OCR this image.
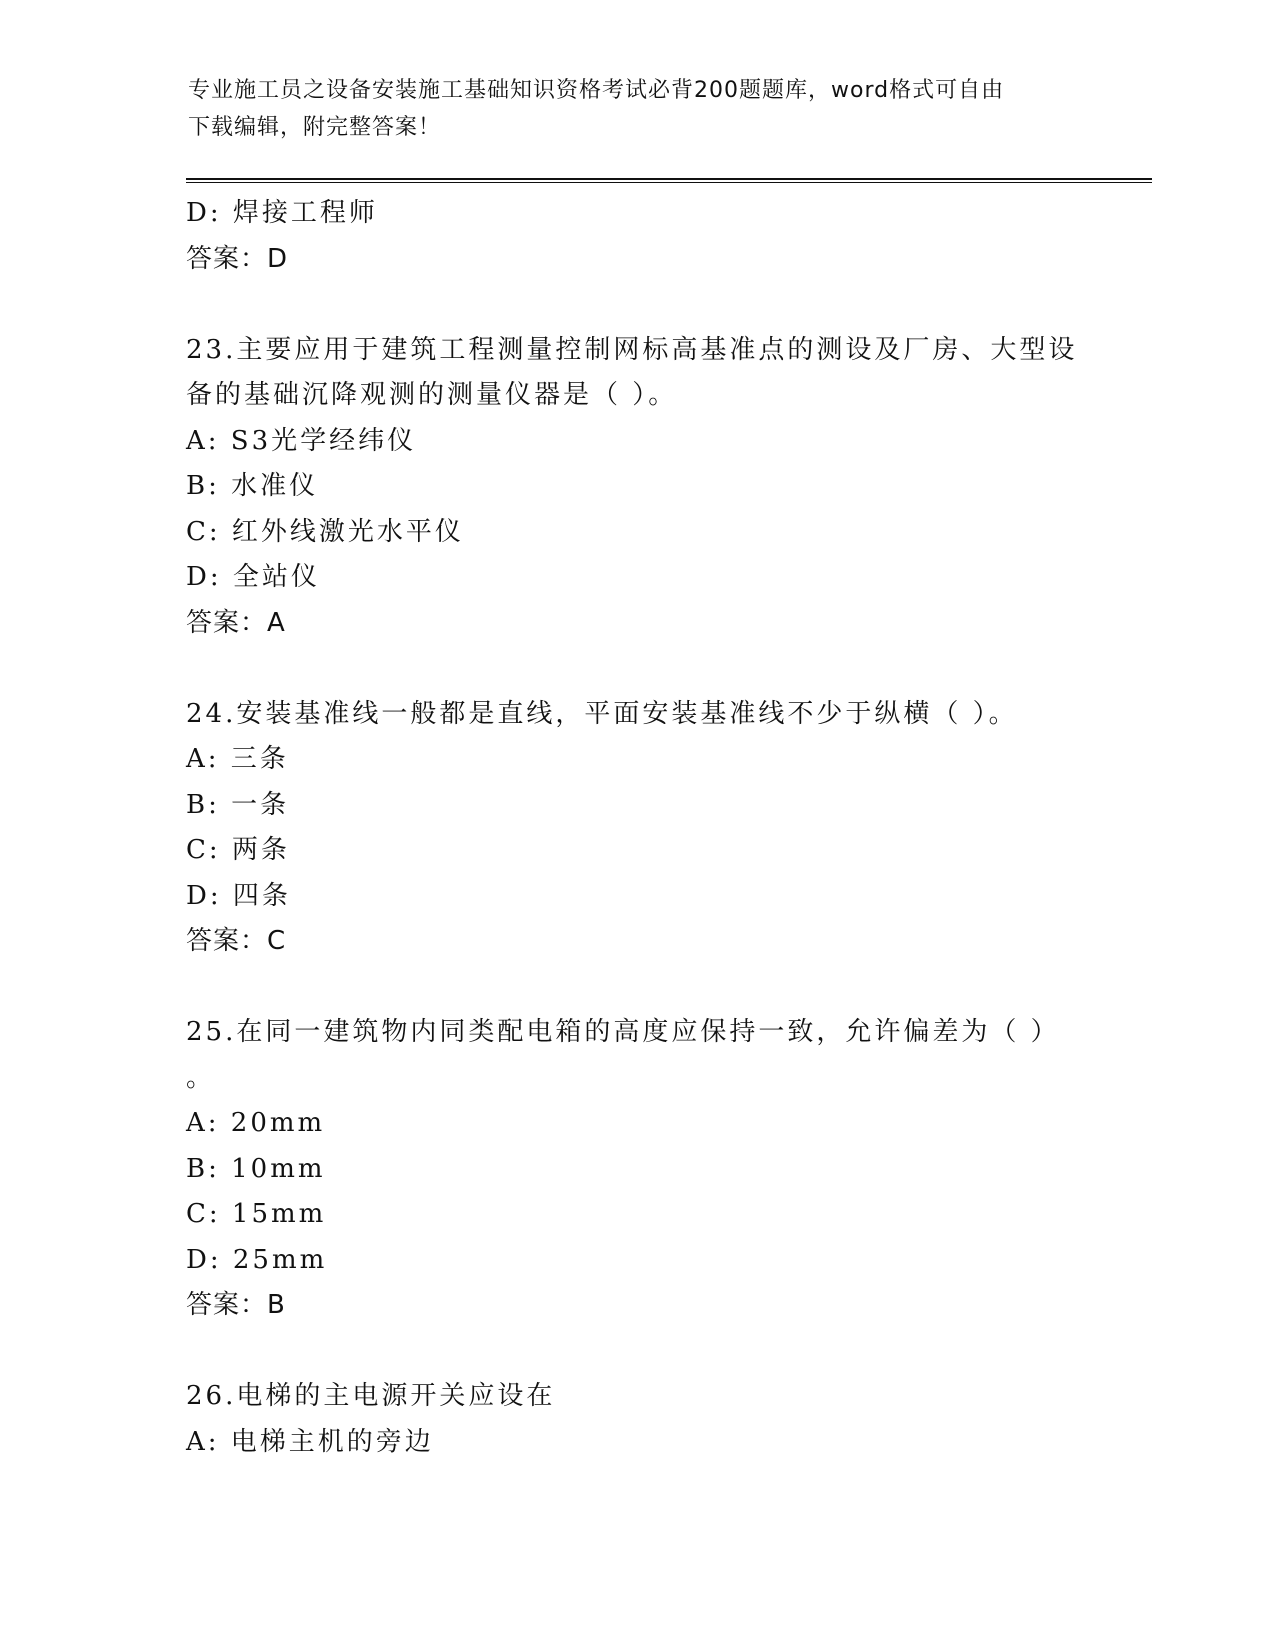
专业施工员之设备安装施工基础知识资格考试必背200题题库，word格式可自由
下载编辑，附完整答案！
D: 焊接工程师
答案：D
23.主要应用于建筑工程测量控制网标高基准点的测设及厂房、大型设
备的基础沉降观测的测量仪器是（ ）。
A: S3光学经纬仪
B: 水准仪
C: 红外线激光水平仪
D: 全站仪
答案：A
24.安装基准线一般都是直线，平面安装基准线不少于纵横（ ）。
A: 三条
B: 一条
C: 两条
D: 四条
答案：C
25.在同一建筑物内同类配电箱的高度应保持一致，允许偏差为（ ）
。
A: 20mm
B: 10mm
C: 15mm
D: 25mm
答案：B
26.电梯的主电源开关应设在
A: 电梯主机的旁边
